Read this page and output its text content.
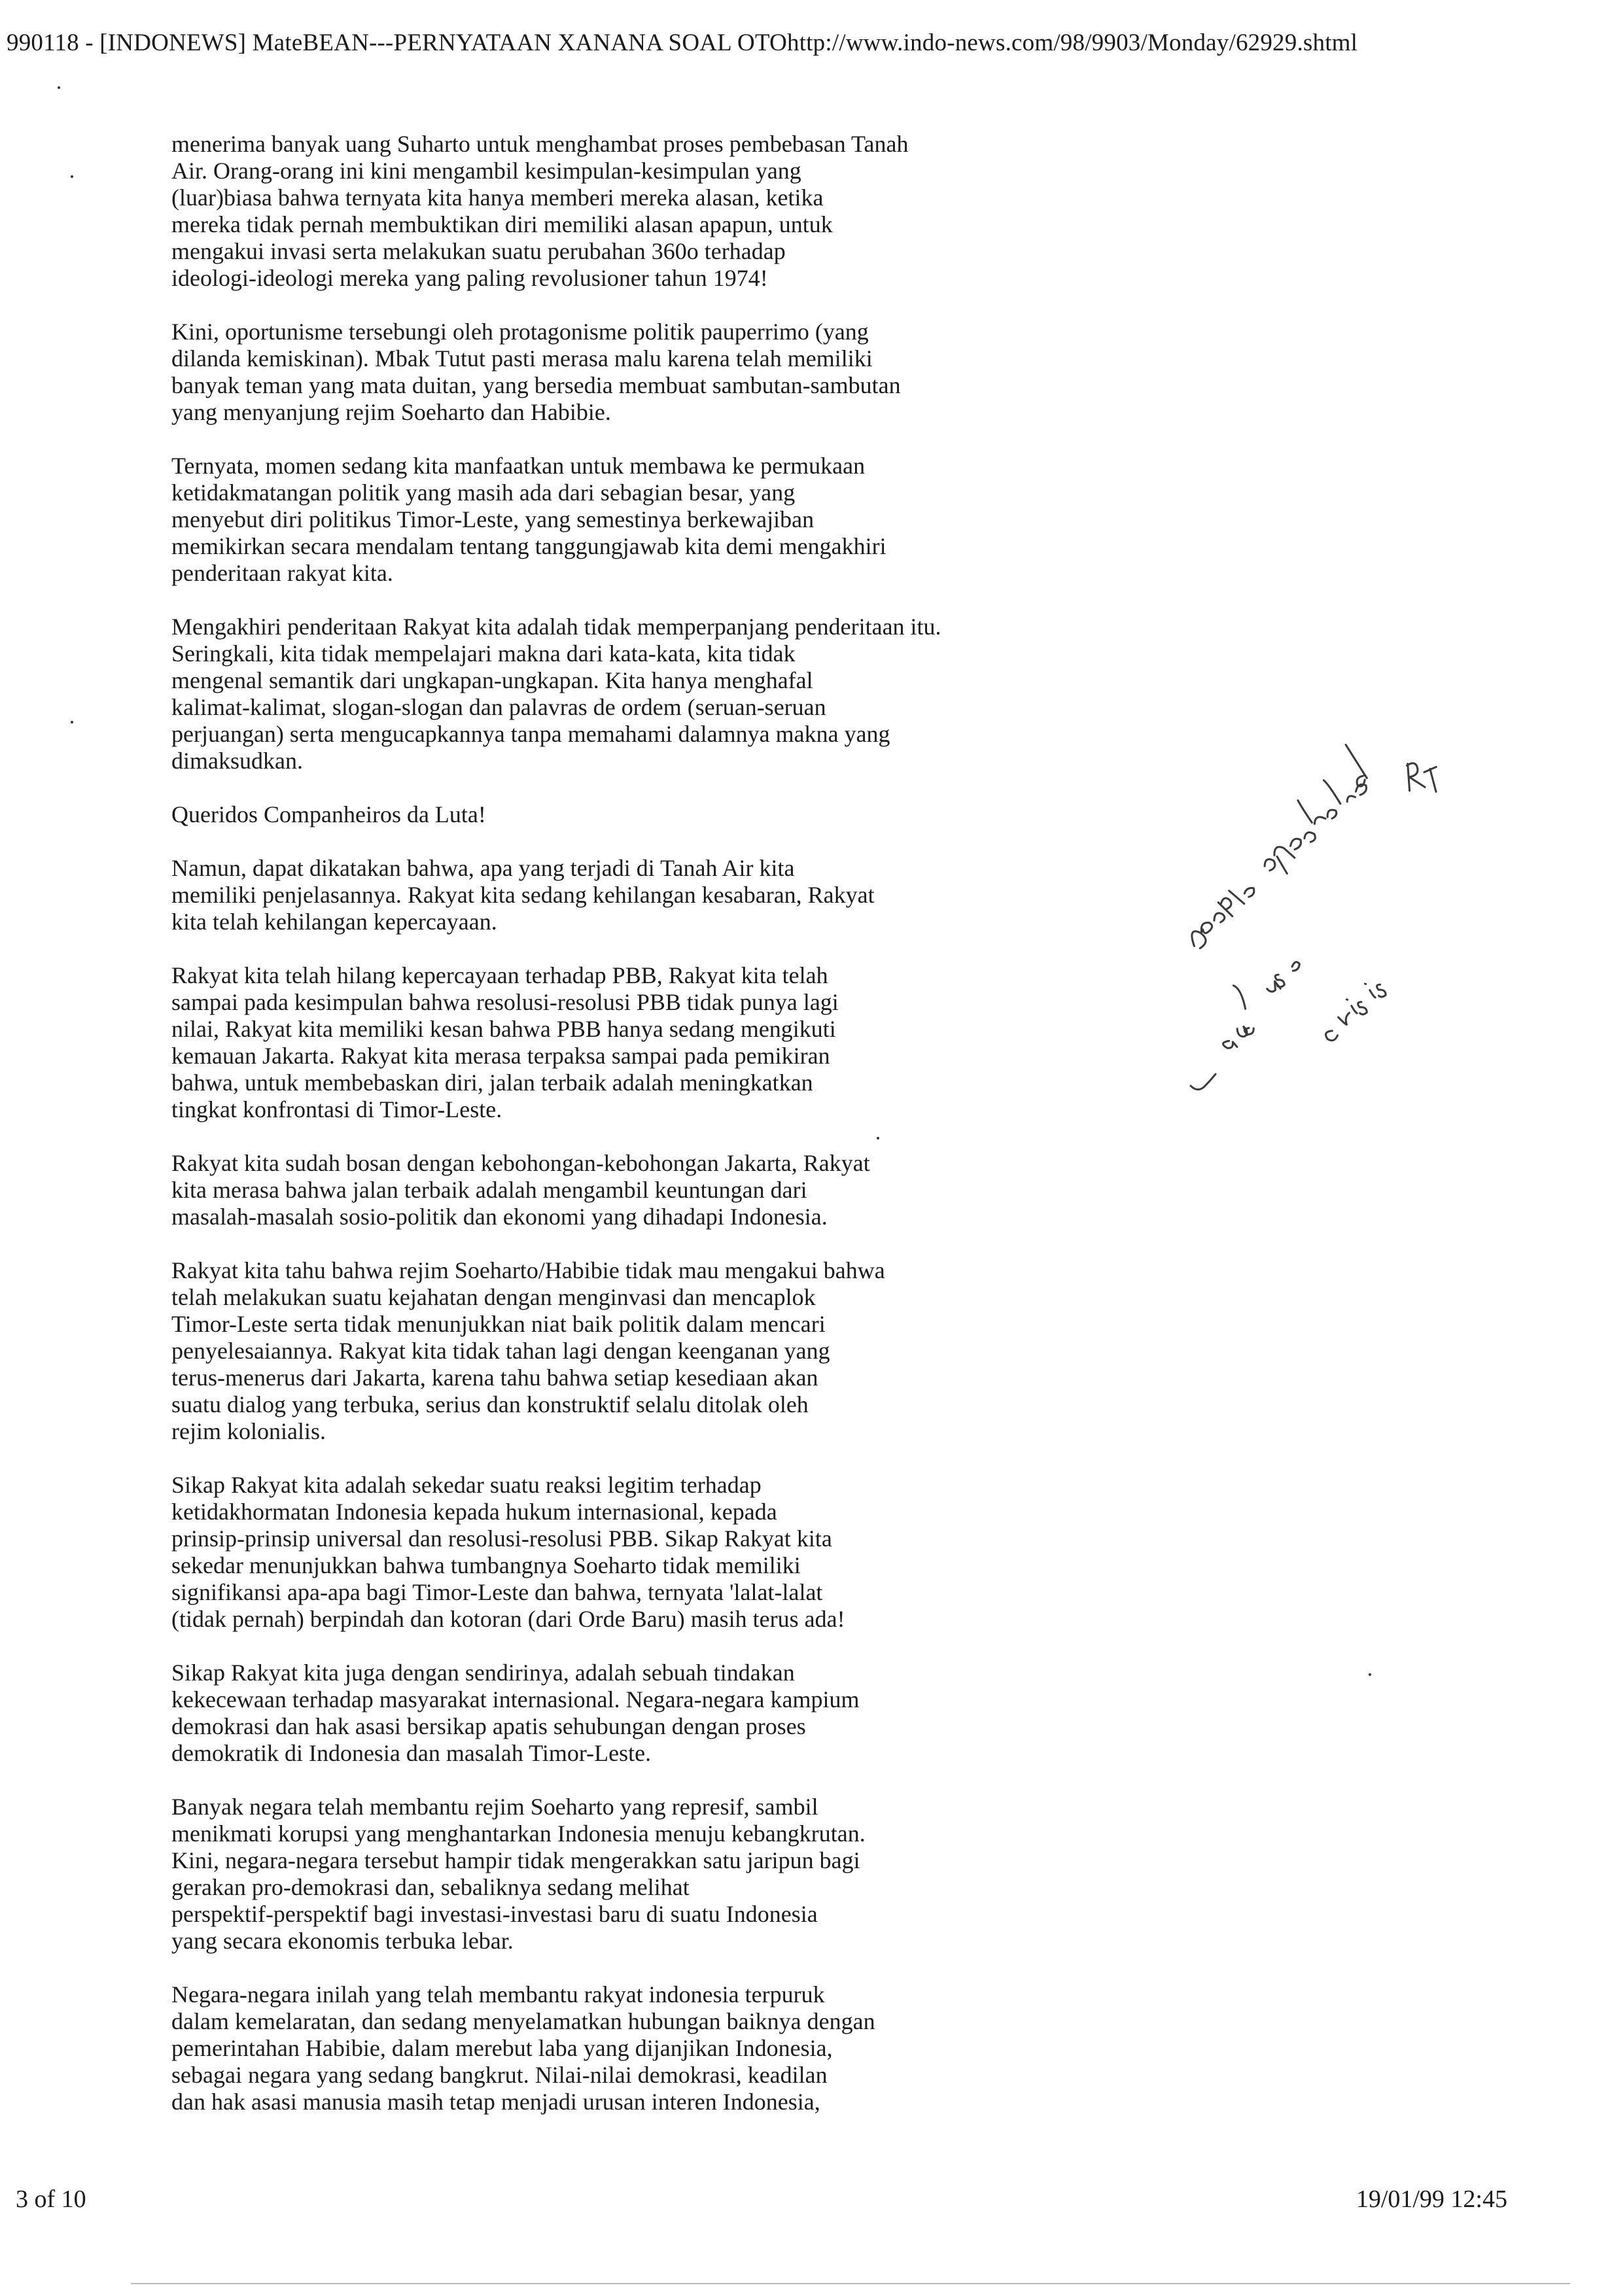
990118 - [INDONEWS] MateBEAN---PERNYATAAN XANANA SOAL OTOhttp://www.indo-news.com/98/9903/Monday/62929.shtml
menerima banyak uang Suharto untuk menghambat proses pembebasan Tanah
Air. Orang-orang ini kini mengambil kesimpulan-kesimpulan yang
(luar)biasa bahwa ternyata kita hanya memberi mereka alasan, ketika
mereka tidak pernah membuktikan diri memiliki alasan apapun, untuk
mengakui invasi serta melakukan suatu perubahan 360o terhadap
ideologi-ideologi mereka yang paling revolusioner tahun 1974!
Kini, oportunisme tersebungi oleh protagonisme politik pauperrimo (yang
dilanda kemiskinan). Mbak Tutut pasti merasa malu karena telah memiliki
banyak teman yang mata duitan, yang bersedia membuat sambutan-sambutan
yang menyanjung rejim Soeharto dan Habibie.
Ternyata, momen sedang kita manfaatkan untuk membawa ke permukaan
ketidakmatangan politik yang masih ada dari sebagian besar, yang
menyebut diri politikus Timor-Leste, yang semestinya berkewajiban
memikirkan secara mendalam tentang tanggungjawab kita demi mengakhiri
penderitaan rakyat kita.
Mengakhiri penderitaan Rakyat kita adalah tidak memperpanjang penderitaan itu.
Seringkali, kita tidak mempelajari makna dari kata-kata, kita tidak
mengenal semantik dari ungkapan-ungkapan. Kita hanya menghafal
kalimat-kalimat, slogan-slogan dan palavras de ordem (seruan-seruan
perjuangan) serta mengucapkannya tanpa memahami dalamnya makna yang
dimaksudkan.
Queridos Companheiros da Luta!
Namun, dapat dikatakan bahwa, apa yang terjadi di Tanah Air kita
memiliki penjelasannya. Rakyat kita sedang kehilangan kesabaran, Rakyat
kita telah kehilangan kepercayaan.
Rakyat kita telah hilang kepercayaan terhadap PBB, Rakyat kita telah
sampai pada kesimpulan bahwa resolusi-resolusi PBB tidak punya lagi
nilai, Rakyat kita memiliki kesan bahwa PBB hanya sedang mengikuti
kemauan Jakarta. Rakyat kita merasa terpaksa sampai pada pemikiran
bahwa, untuk membebaskan diri, jalan terbaik adalah meningkatkan
tingkat konfrontasi di Timor-Leste.
Rakyat kita sudah bosan dengan kebohongan-kebohongan Jakarta, Rakyat
kita merasa bahwa jalan terbaik adalah mengambil keuntungan dari
masalah-masalah sosio-politik dan ekonomi yang dihadapi Indonesia.
Rakyat kita tahu bahwa rejim Soeharto/Habibie tidak mau mengakui bahwa
telah melakukan suatu kejahatan dengan menginvasi dan mencaplok
Timor-Leste serta tidak menunjukkan niat baik politik dalam mencari
penyelesaiannya. Rakyat kita tidak tahan lagi dengan keenganan yang
terus-menerus dari Jakarta, karena tahu bahwa setiap kesediaan akan
suatu dialog yang terbuka, serius dan konstruktif selalu ditolak oleh
rejim kolonialis.
Sikap Rakyat kita adalah sekedar suatu reaksi legitim terhadap
ketidakhormatan Indonesia kepada hukum internasional, kepada
prinsip-prinsip universal dan resolusi-resolusi PBB. Sikap Rakyat kita
sekedar menunjukkan bahwa tumbangnya Soeharto tidak memiliki
signifikansi apa-apa bagi Timor-Leste dan bahwa, ternyata 'lalat-lalat
(tidak pernah) berpindah dan kotoran (dari Orde Baru) masih terus ada!
Sikap Rakyat kita juga dengan sendirinya, adalah sebuah tindakan
kekecewaan terhadap masyarakat internasional. Negara-negara kampium
demokrasi dan hak asasi bersikap apatis sehubungan dengan proses
demokratik di Indonesia dan masalah Timor-Leste.
Banyak negara telah membantu rejim Soeharto yang represif, sambil
menikmati korupsi yang menghantarkan Indonesia menuju kebangkrutan.
Kini, negara-negara tersebut hampir tidak mengerakkan satu jaripun bagi
gerakan pro-demokrasi dan, sebaliknya sedang melihat
perspektif-perspektif bagi investasi-investasi baru di suatu Indonesia
yang secara ekonomis terbuka lebar.
Negara-negara inilah yang telah membantu rakyat indonesia terpuruk
dalam kemelaratan, dan sedang menyelamatkan hubungan baiknya dengan
pemerintahan Habibie, dalam merebut laba yang dijanjikan Indonesia,
sebagai negara yang sedang bangkrut. Nilai-nilai demokrasi, keadilan
dan hak asasi manusia masih tetap menjadi urusan interen Indonesia,
3 of 10	19/01/99 12:45
